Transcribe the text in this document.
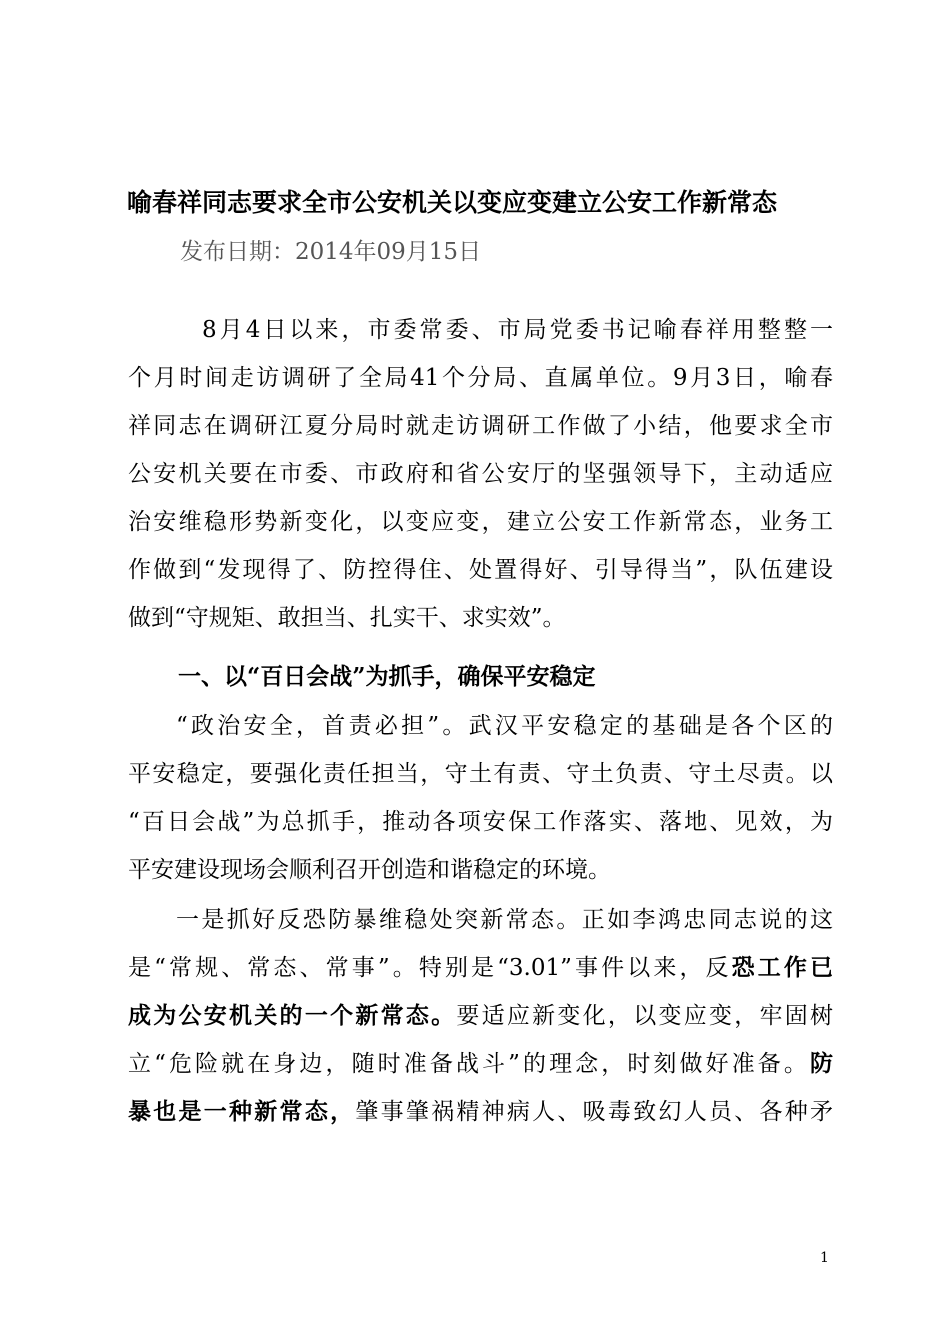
喻春祥同志要求全市公安机关以变应变建立公安工作新常态
发布日期：2014年09月15日
8月4日以来，市委常委、市局党委书记喻春祥用整整一
个月时间走访调研了全局41个分局、直属单位。9月3日，喻春
祥同志在调研江夏分局时就走访调研工作做了小结，他要求全市
公安机关要在市委、市政府和省公安厅的坚强领导下，主动适应
治安维稳形势新变化，以变应变，建立公安工作新常态，业务工
作做到“发现得了、防控得住、处置得好、引导得当”，队伍建设
做到“守规矩、敢担当、扎实干、求实效”。
一、以“百日会战”为抓手，确保平安稳定
“政治安全，首责必担”。武汉平安稳定的基础是各个区的
平安稳定，要强化责任担当，守土有责、守土负责、守土尽责。以
“百日会战”为总抓手，推动各项安保工作落实、落地、见效，为
平安建设现场会顺利召开创造和谐稳定的环境。
一是抓好反恐防暴维稳处突新常态。正如李鸿忠同志说的这
是“常规、常态、常事”。特别是“3.01”事件以来，反恐工作已
成为公安机关的一个新常态。要适应新变化，以变应变，牢固树
立“危险就在身边，随时准备战斗”的理念，时刻做好准备。防
暴也是一种新常态，肇事肇祸精神病人、吸毒致幻人员、各种矛
1
